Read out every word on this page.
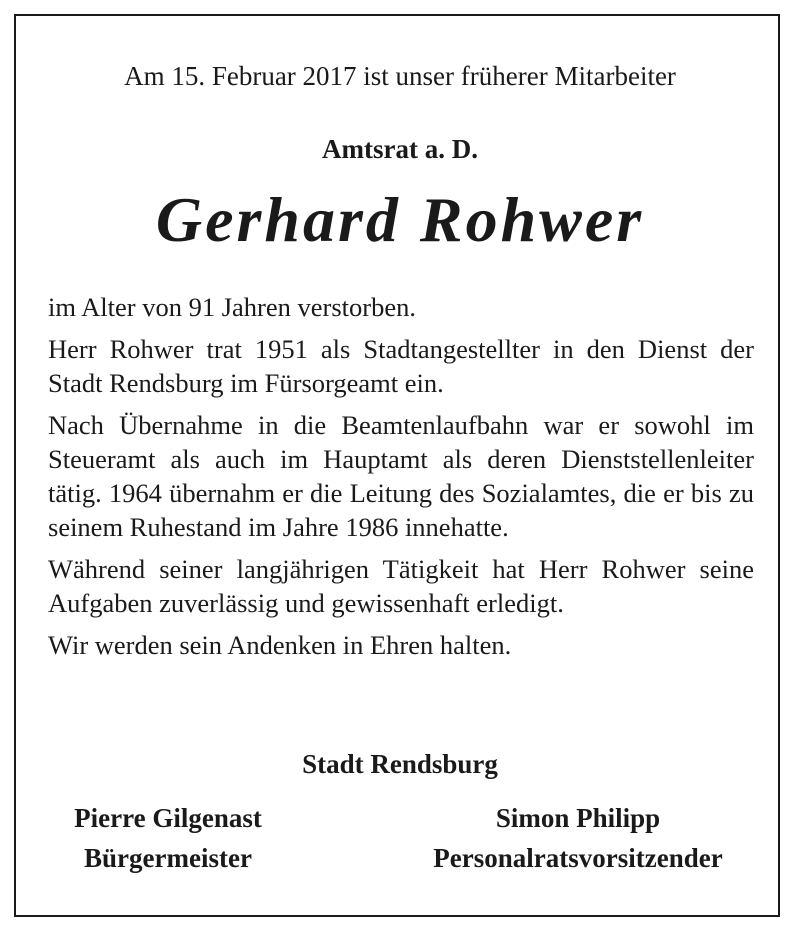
Am 15. Februar 2017 ist unser früherer Mitarbeiter
Amtsrat a. D.
Gerhard Rohwer

im Alter von 91 Jahren verstorben.

Herr Rohwer trat 1951 als Stadtangestellter in den Dienst der Stadt Rendsburg im Fürsorgeamt ein.

Nach Übernahme in die Beamtenlaufbahn war er sowohl im Steueramt als auch im Hauptamt als deren Dienststellenleiter tätig. 1964 übernahm er die Leitung des Sozialamtes, die er bis zu seinem Ruhestand im Jahre 1986 innehatte.

Während seiner langjährigen Tätigkeit hat Herr Rohwer seine Aufgaben zuverlässig und gewissenhaft erledigt.

Wir werden sein Andenken in Ehren halten.

Stadt Rendsburg
Pierre Gilgenast
Bürgermeister
Simon Philipp
Personalratsvorsitzender
